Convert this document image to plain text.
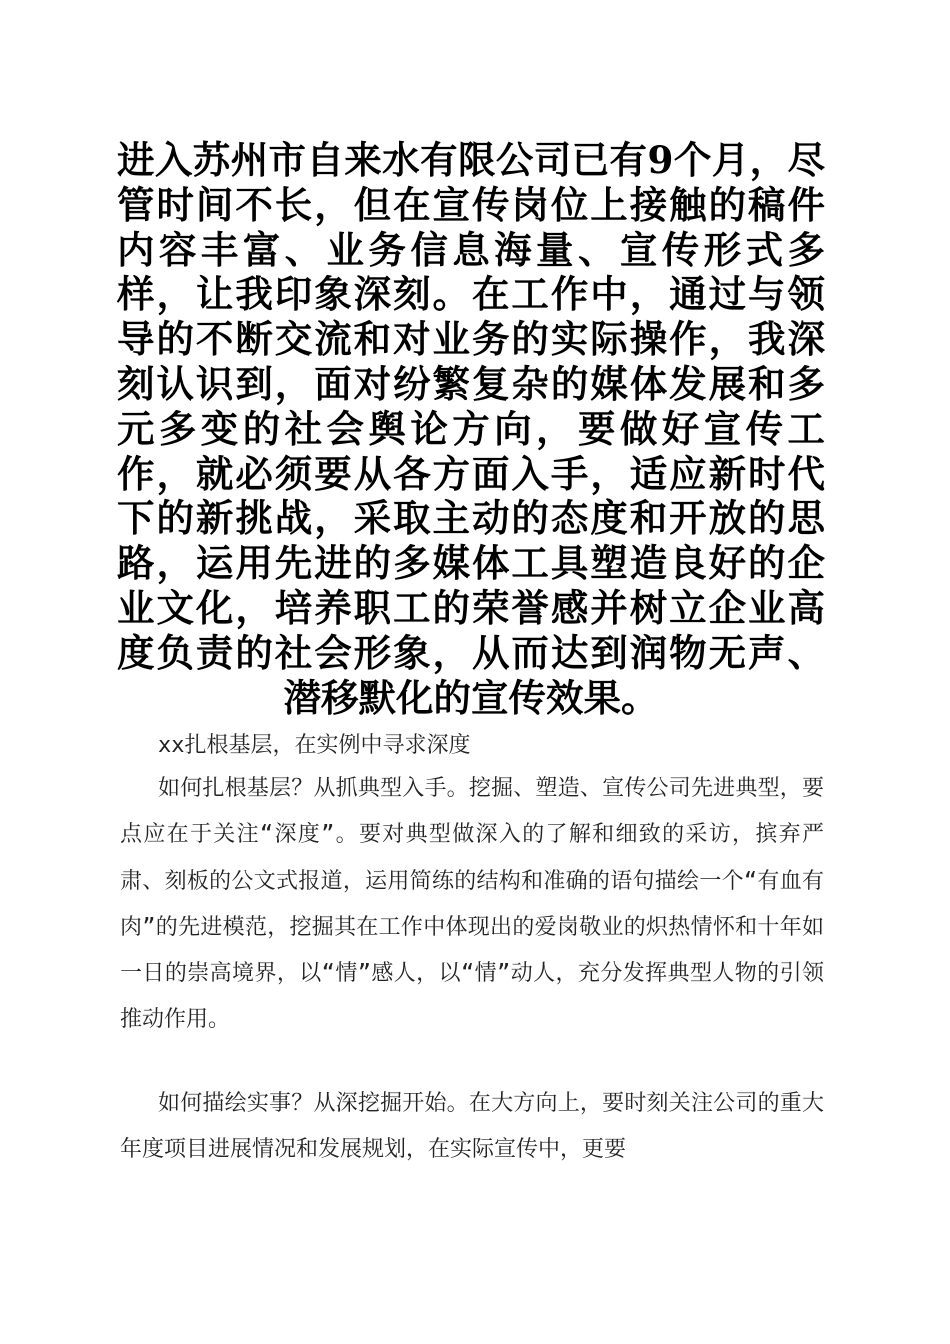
进入苏州市自来水有限公司已有9个月，尽管时间不长，但在宣传岗位上接触的稿件内容丰富、业务信息海量、宣传形式多样，让我印象深刻。在工作中，通过与领导的不断交流和对业务的实际操作，我深刻认识到，面对纷繁复杂的媒体发展和多元多变的社会舆论方向，要做好宣传工作，就必须要从各方面入手，适应新时代下的新挑战，采取主动的态度和开放的思路，运用先进的多媒体工具塑造良好的企业文化，培养职工的荣誉感并树立企业高度负责的社会形象，从而达到润物无声、潜移默化的宣传效果。
xx扎根基层，在实例中寻求深度

如何扎根基层？从抓典型入手。挖掘、塑造、宣传公司先进典型，要点应在于关注“深度”。要对典型做深入的了解和细致的采访，摈弃严肃、刻板的公文式报道，运用简练的结构和准确的语句描绘一个“有血有肉”的先进模范，挖掘其在工作中体现出的爱岗敬业的炽热情怀和十年如一日的崇高境界，以“情”感人，以“情”动人，充分发挥典型人物的引领推动作用。

如何描绘实事？从深挖掘开始。在大方向上，要时刻关注公司的重大年度项目进展情况和发展规划，在实际宣传中，更要
